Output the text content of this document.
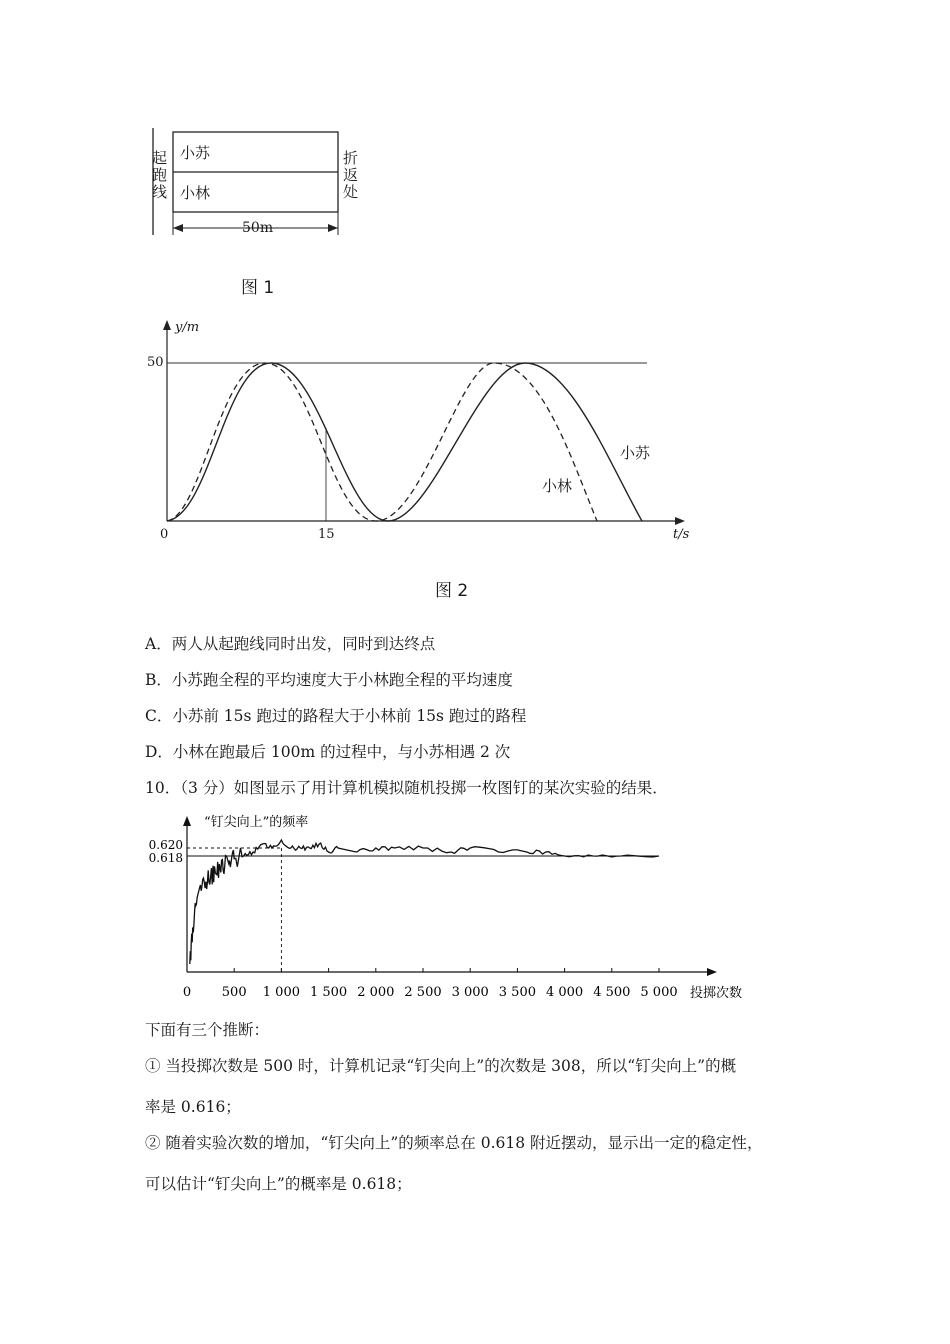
小苏
小林
起跑线
折返处
50m
图 1
y/m
50
0	15	t/s
小苏
小林
图 2
A．两人从起跑线同时出发，同时到达终点
B．小苏跑全程的平均速度大于小林跑全程的平均速度
C．小苏前 15s 跑过的路程大于小林前 15s 跑过的路程
D．小林在跑最后 100m 的过程中，与小苏相遇 2 次
10．（3 分）如图显示了用计算机模拟随机投掷一枚图钉的某次实验的结果．
“钉尖向上”的频率
0 500 1 000 1 500 2 000 2 500 3 000 3 500 4 000 4 500 5 000
0.620
0.618
投掷次数
下面有三个推断：
① 当投掷次数是 500 时，计算机记录“钉尖向上”的次数是 308，所以“钉尖向上”的概
率是 0.616；
② 随着实验次数的增加，“钉尖向上”的频率总在 0.618 附近摆动，显示出一定的稳定性，
可以估计“钉尖向上”的概率是 0.618；
